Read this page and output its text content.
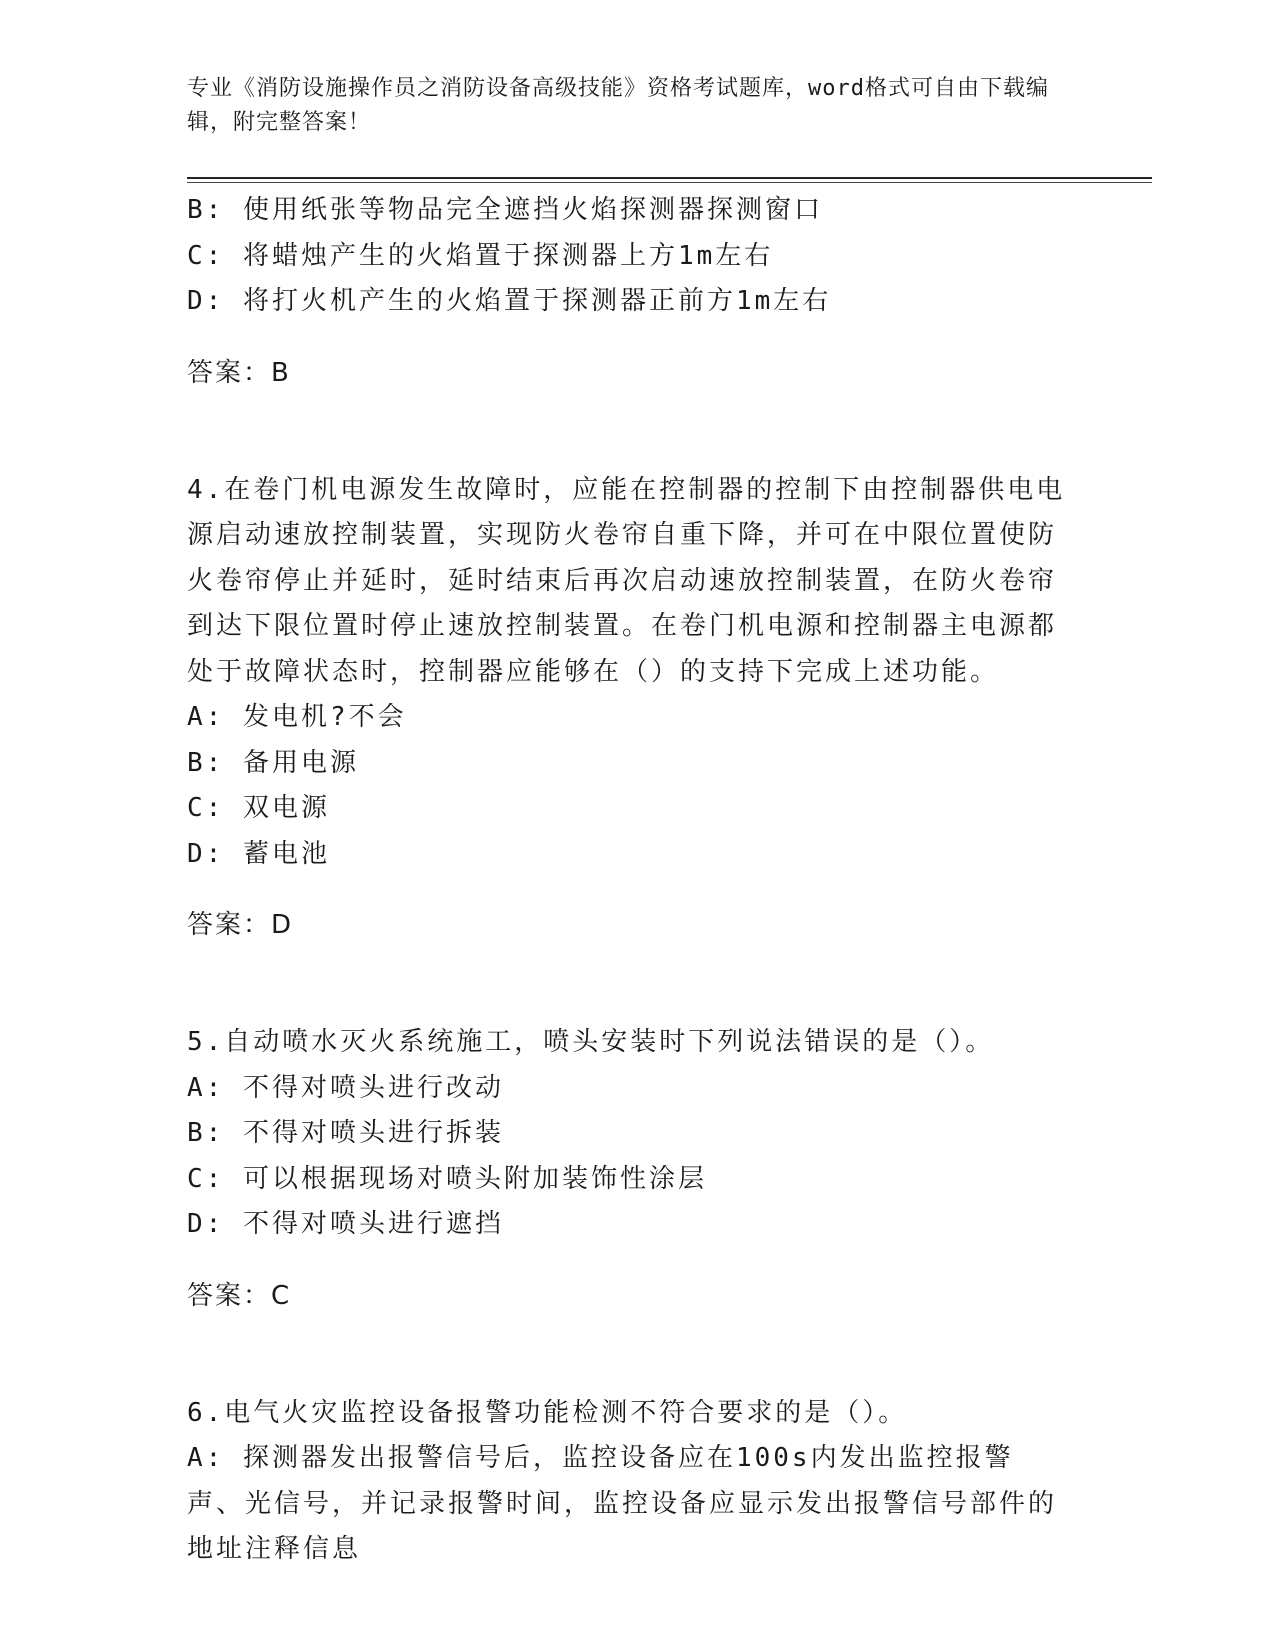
专业《消防设施操作员之消防设备高级技能》资格考试题库，word格式可自由下载编辑，附完整答案！

B: 使用纸张等物品完全遮挡火焰探测器探测窗口

C: 将蜡烛产生的火焰置于探测器上方1m左右

D: 将打火机产生的火焰置于探测器正前方1m左右

答案：B

4.在卷门机电源发生故障时，应能在控制器的控制下由控制器供电电源启动速放控制装置，实现防火卷帘自重下降，并可在中限位置使防火卷帘停止并延时，延时结束后再次启动速放控制装置，在防火卷帘到达下限位置时停止速放控制装置。在卷门机电源和控制器主电源都处于故障状态时，控制器应能够在（）的支持下完成上述功能。

A: 发电机?不会

B: 备用电源

C: 双电源

D: 蓄电池

答案：D

5.自动喷水灭火系统施工，喷头安装时下列说法错误的是（）。

A: 不得对喷头进行改动

B: 不得对喷头进行拆装

C: 可以根据现场对喷头附加装饰性涂层

D: 不得对喷头进行遮挡

答案：C

6.电气火灾监控设备报警功能检测不符合要求的是（）。

A: 探测器发出报警信号后，监控设备应在100s内发出监控报警声、光信号，并记录报警时间，监控设备应显示发出报警信号部件的地址注释信息
